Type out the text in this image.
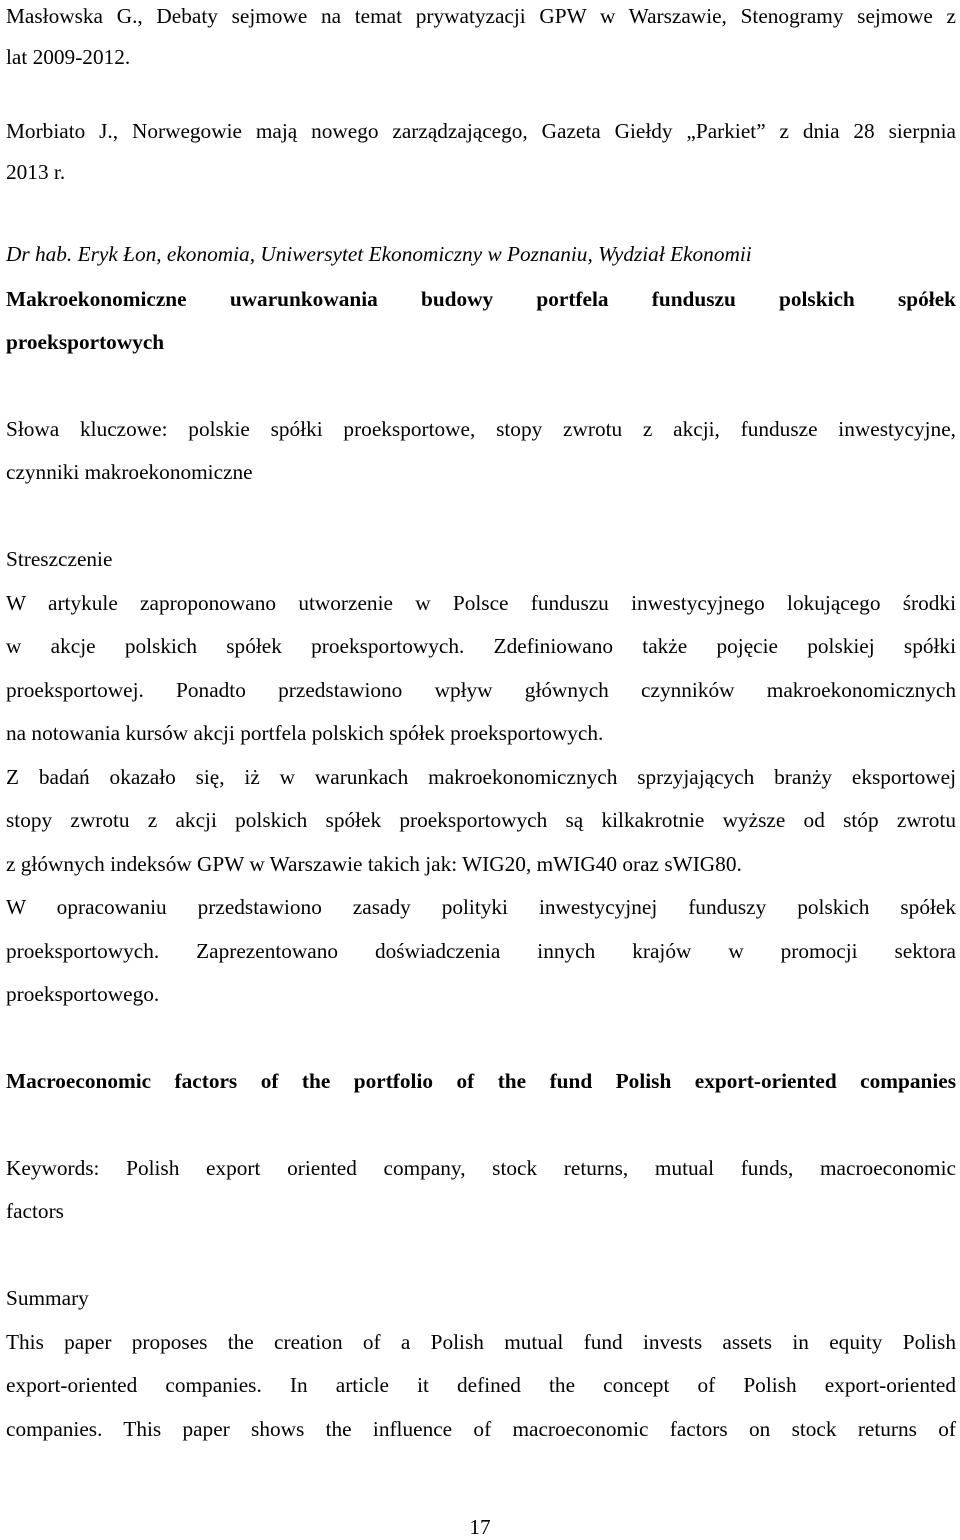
Masłowska G., Debaty sejmowe na temat prywatyzacji GPW w Warszawie, Stenogramy sejmowe z
lat 2009-2012.
Morbiato J., Norwegowie mają nowego zarządzającego, Gazeta Giełdy „Parkiet” z dnia 28 sierpnia
2013 r.
Dr hab. Eryk Łon, ekonomia, Uniwersytet Ekonomiczny w Poznaniu, Wydział Ekonomii
Makroekonomiczne uwarunkowania budowy portfela funduszu polskich spółek
proeksportowych
Słowa kluczowe: polskie spółki proeksportowe, stopy zwrotu z akcji, fundusze inwestycyjne,
czynniki makroekonomiczne
Streszczenie
W artykule zaproponowano utworzenie w Polsce funduszu inwestycyjnego lokującego środki
w akcje polskich spółek proeksportowych. Zdefiniowano także pojęcie polskiej spółki
proeksportowej. Ponadto przedstawiono wpływ głównych czynników makroekonomicznych
na notowania kursów akcji portfela polskich spółek proeksportowych.
Z badań okazało się, iż w warunkach makroekonomicznych sprzyjających branży eksportowej
stopy zwrotu z akcji polskich spółek proeksportowych są kilkakrotnie wyższe od stóp zwrotu
z głównych indeksów GPW w Warszawie takich jak: WIG20, mWIG40 oraz sWIG80.
W opracowaniu przedstawiono zasady polityki inwestycyjnej funduszy polskich spółek
proeksportowych. Zaprezentowano doświadczenia innych krajów w promocji sektora
proeksportowego.
Macroeconomic factors of the portfolio of the fund Polish export-oriented companies
Keywords: Polish export oriented company, stock returns, mutual funds, macroeconomic
factors
Summary
This paper proposes the creation of a Polish mutual fund invests assets in equity Polish
export-oriented companies. In article it defined the concept of Polish export-oriented
companies. This paper shows the influence of macroeconomic factors on stock returns of
17
